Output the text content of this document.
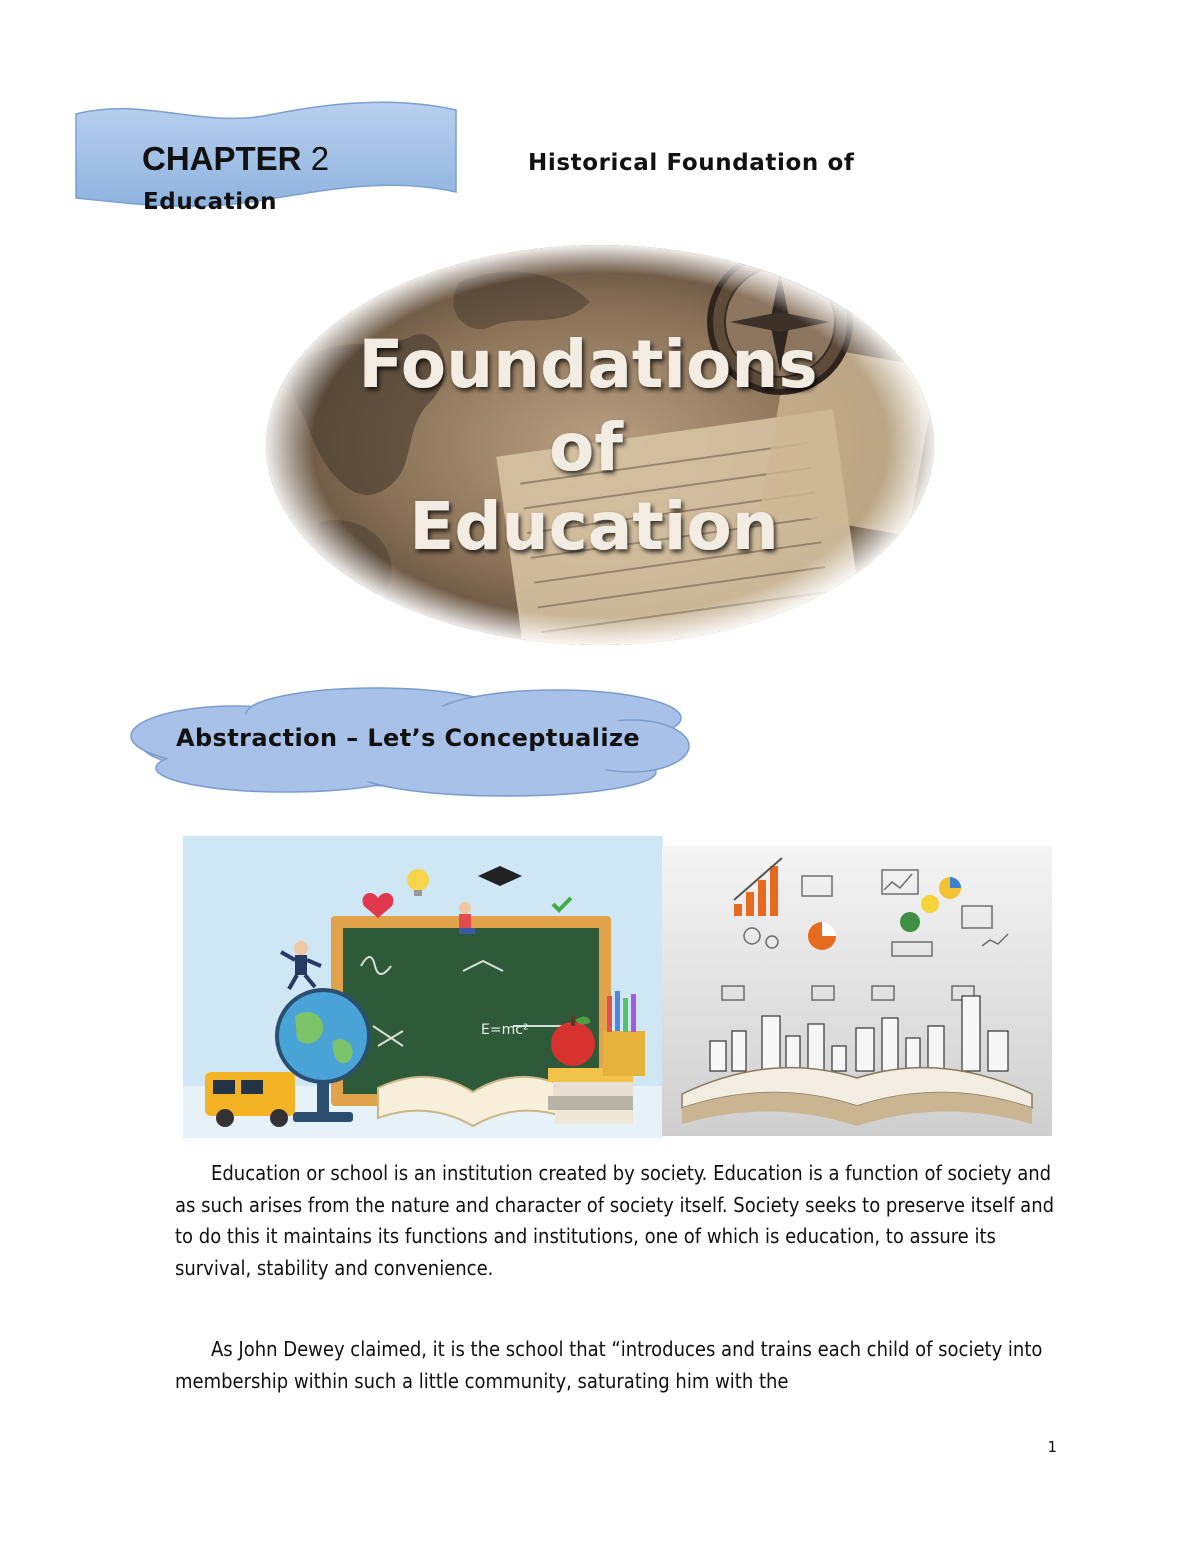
CHAPTER 2	Historical Foundation of
Education
Foundations
of
Education
Abstraction – Let’s Conceptualize
E=mc²

Education or school is an institution created by society. Education is a function of society and as such arises from the nature and character of society itself. Society seeks to preserve itself and to do this it maintains its functions and institutions, one of which is education, to assure its survival, stability and convenience.

As John Dewey claimed, it is the school that “introduces and trains each child of society into membership within such a little community, saturating him with the

1
